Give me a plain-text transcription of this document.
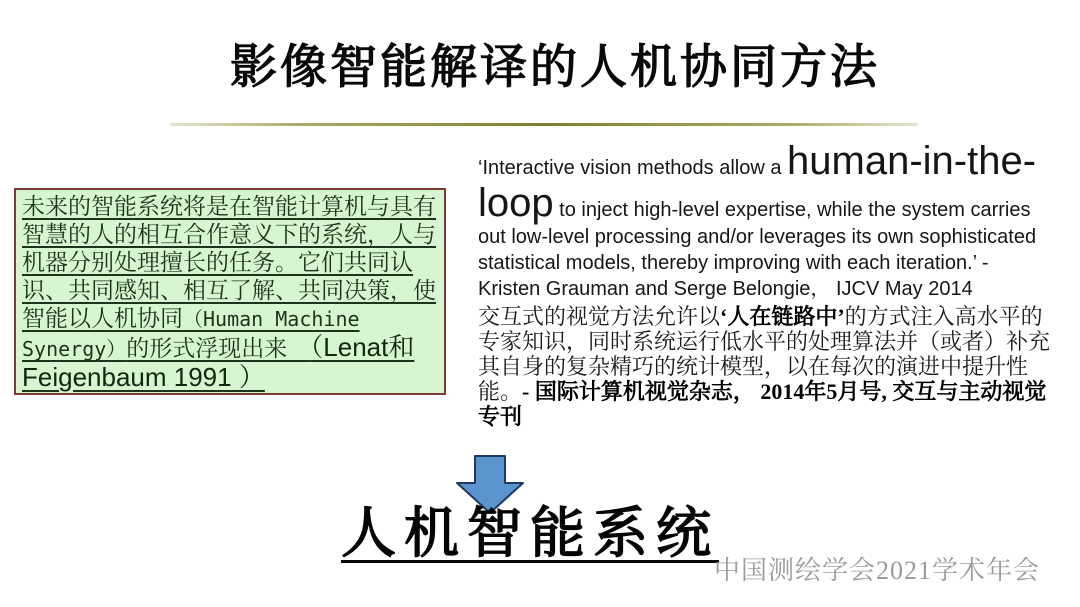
影像智能解译的人机协同方法

未来的智能系统将是在智能计算机与具有智慧的人的相互合作意义下的系统，人与机器分别处理擅长的任务。它们共同认识、共同感知、相互了解、共同决策，使智能以人机协同（Human Machine Synergy）的形式浮现出来　（Lenat和Feigenbaum 1991 ）

‘Interactive vision methods allow a human-in-the-loop to inject high-level expertise, while the system carries out low-level processing and/or leverages its own sophisticated statistical models, thereby improving with each iteration.’ - Kristen Grauman and Serge Belongie， IJCV May 2014

交互式的视觉方法允许以‘人在链路中’的方式注入高水平的专家知识，同时系统运行低水平的处理算法并（或者）补充其自身的复杂精巧的统计模型，以在每次的演进中提升性能。- 国际计算机视觉杂志， 2014年5月号, 交互与主动视觉专刊

人机智能系统
中国测绘学会2021学术年会
